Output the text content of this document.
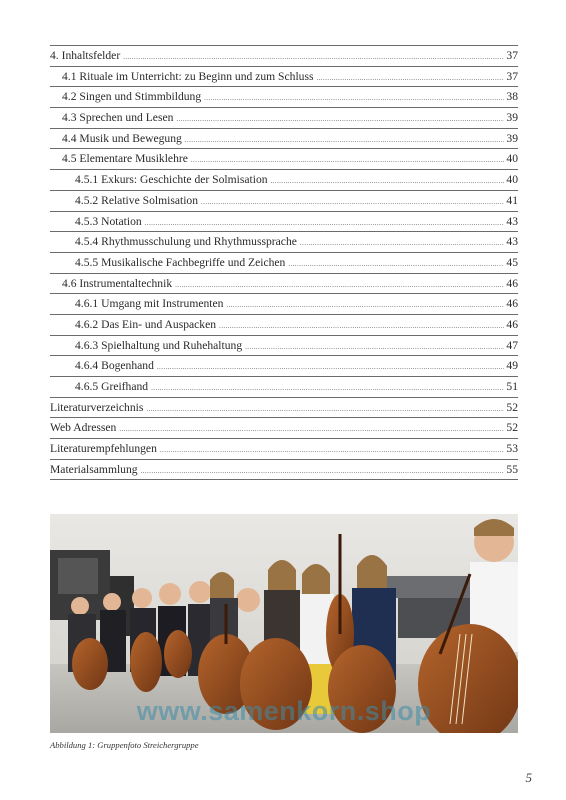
4. Inhaltsfelder .....	37
4.1 Rituale im Unterricht: zu Beginn und zum Schluss .....	37
4.2 Singen und Stimmbildung .....	38
4.3 Sprechen und Lesen .....	39
4.4 Musik und Bewegung .....	39
4.5 Elementare Musiklehre .....	40
4.5.1 Exkurs: Geschichte der Solmisation .....	40
4.5.2 Relative Solmisation .....	41
4.5.3 Notation .....	43
4.5.4 Rhythmusschulung und Rhythmussprache .....	43
4.5.5 Musikalische Fachbegriffe und Zeichen .....	45
4.6 Instrumentaltechnik .....	46
4.6.1 Umgang mit Instrumenten .....	46
4.6.2 Das Ein- und Auspacken .....	46
4.6.3 Spielhaltung und Ruhehaltung .....	47
4.6.4 Bogenhand .....	49
4.6.5 Greifhand .....	51
Literaturverzeichnis .....	52
Web Adressen .....	52
Literaturempfehlungen .....	53
Materialsammlung .....	55
www.samenkorn.shop
Abbildung 1: Gruppenfoto Streichergruppe
5
